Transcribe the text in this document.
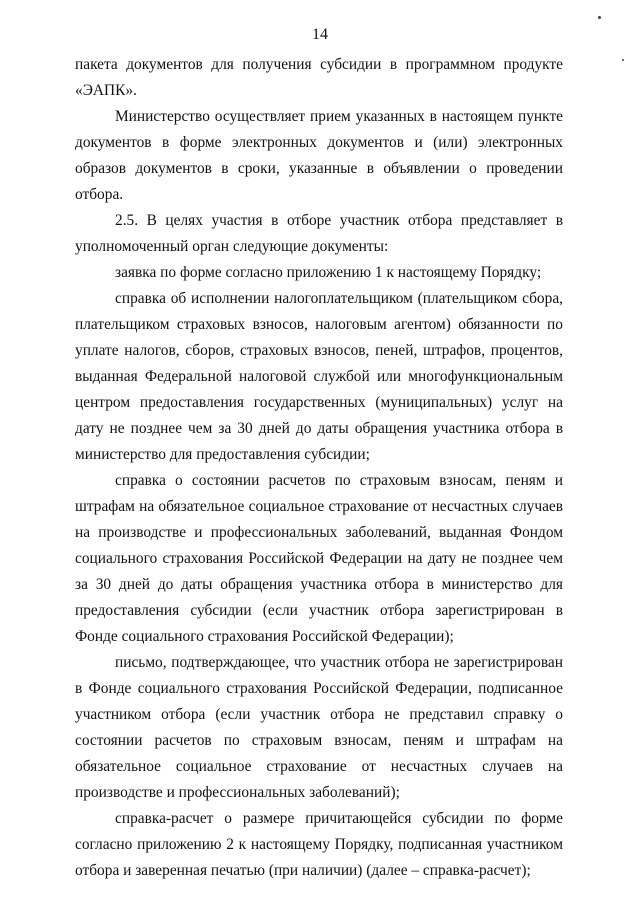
14

пакета документов для получения субсидии в программном продукте «ЭАПК».

Министерство осуществляет прием указанных в настоящем пункте документов в форме электронных документов и (или) электронных образов документов в сроки, указанные в объявлении о проведении отбора.

2.5. В целях участия в отборе участник отбора представляет в уполномоченный орган следующие документы:

заявка по форме согласно приложению 1 к настоящему Порядку;

справка об исполнении налогоплательщиком (плательщиком сбора, плательщиком страховых взносов, налоговым агентом) обязанности по уплате налогов, сборов, страховых взносов, пеней, штрафов, процентов, выданная Федеральной налоговой службой или многофункциональным центром предоставления государственных (муниципальных) услуг на дату не позднее чем за 30 дней до даты обращения участника отбора в министерство для предоставления субсидии;

справка о состоянии расчетов по страховым взносам, пеням и штрафам на обязательное социальное страхование от несчастных случаев на производстве и профессиональных заболеваний, выданная Фондом социального страхования Российской Федерации на дату не позднее чем за 30 дней до даты обращения участника отбора в министерство для предоставления субсидии (если участник отбора зарегистрирован в Фонде социального страхования Российской Федерации);

письмо, подтверждающее, что участник отбора не зарегистрирован в Фонде социального страхования Российской Федерации, подписанное участником отбора (если участник отбора не представил справку о состоянии расчетов по страховым взносам, пеням и штрафам на обязательное социальное страхование от несчастных случаев на производстве и профессиональных заболеваний);

справка-расчет о размере причитающейся субсидии по форме согласно приложению 2 к настоящему Порядку, подписанная участником отбора и заверенная печатью (при наличии) (далее – справка-расчет);
